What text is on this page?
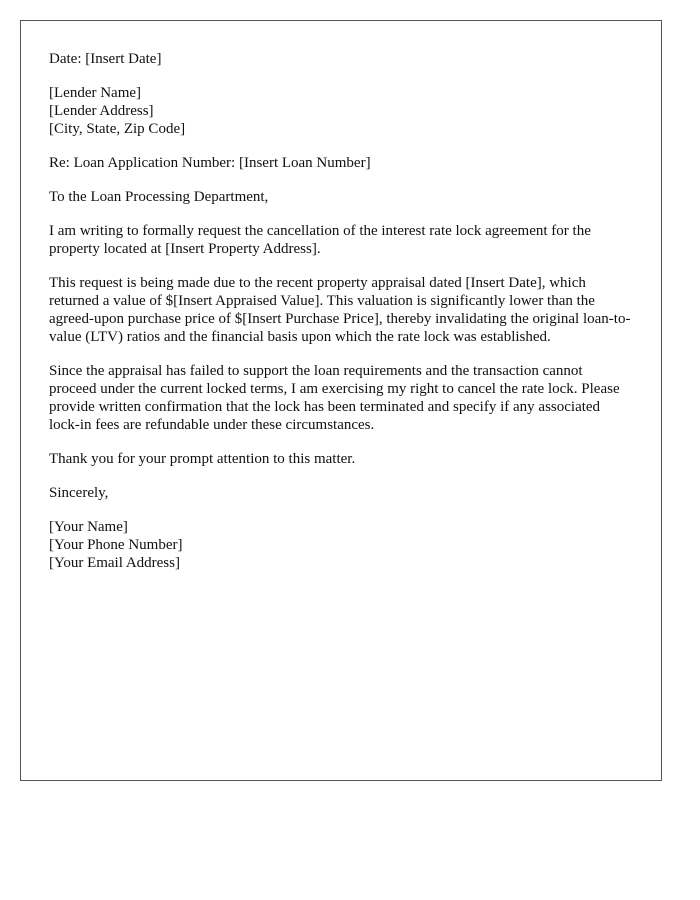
Date: [Insert Date]

[Lender Name]
[Lender Address]
[City, State, Zip Code]

Re: Loan Application Number: [Insert Loan Number]

To the Loan Processing Department,

I am writing to formally request the cancellation of the interest rate lock agreement for the property located at [Insert Property Address].

This request is being made due to the recent property appraisal dated [Insert Date], which returned a value of $[Insert Appraised Value]. This valuation is significantly lower than the agreed-upon purchase price of $[Insert Purchase Price], thereby invalidating the original loan-to-value (LTV) ratios and the financial basis upon which the rate lock was established.

Since the appraisal has failed to support the loan requirements and the transaction cannot proceed under the current locked terms, I am exercising my right to cancel the rate lock. Please provide written confirmation that the lock has been terminated and specify if any associated lock-in fees are refundable under these circumstances.

Thank you for your prompt attention to this matter.

Sincerely,

[Your Name]
[Your Phone Number]
[Your Email Address]
